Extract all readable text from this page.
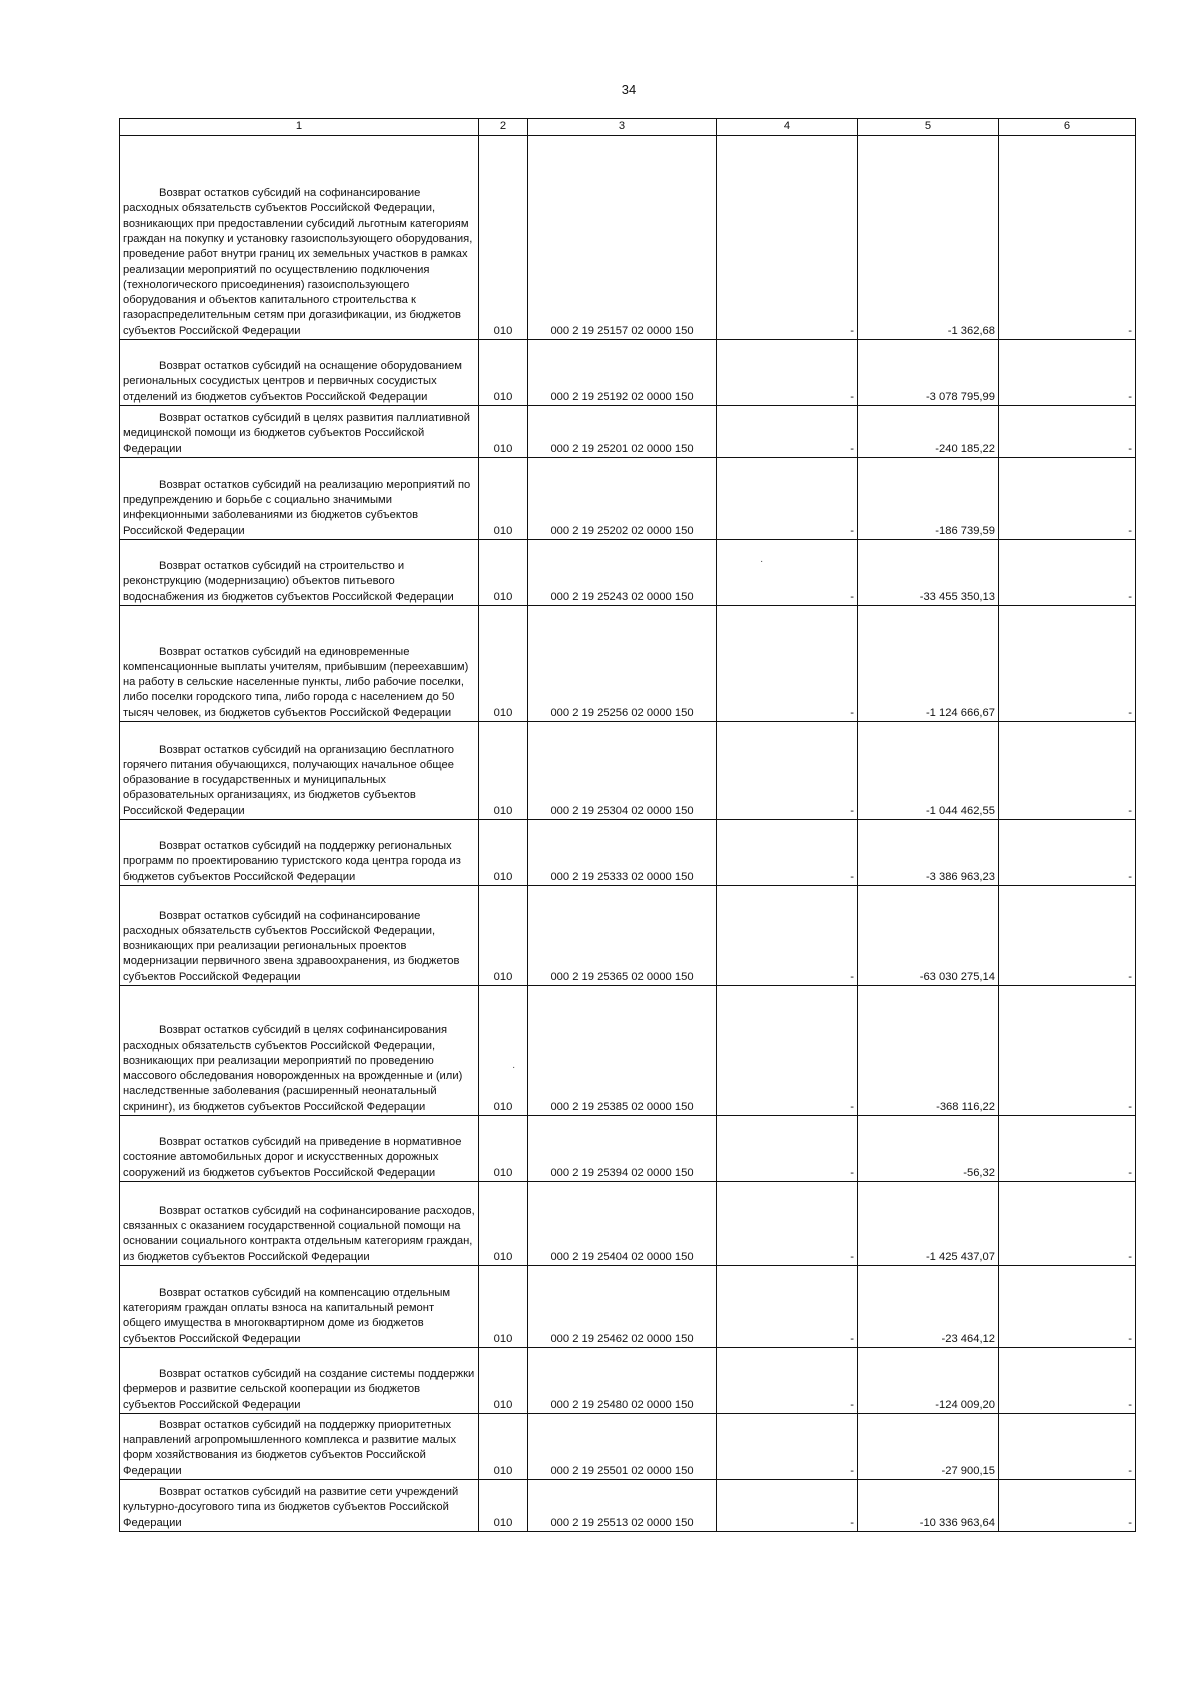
34
1	2	3	4	5	6

Возврат остатков субсидий на софинансирование расходных обязательств субъектов Российской Федерации, возникающих при предоставлении субсидий льготным категориям граждан на покупку и установку газоиспользующего оборудования, проведение работ внутри границ их земельных участков в рамках реализации мероприятий по осуществлению подключения (технологического присоединения) газоиспользующего оборудования и объектов капитального строительства к газораспределительным сетям при догазификации, из бюджетов субъектов Российской Федерации	010	000 2 19 25157 02 0000 150	-	-1 362,68	-

Возврат остатков субсидий на оснащение оборудованием региональных сосудистых центров и первичных сосудистых отделений из бюджетов субъектов Российской Федерации	010	000 2 19 25192 02 0000 150	-	-3 078 795,99	-

Возврат остатков субсидий в целях развития паллиативной медицинской помощи из бюджетов субъектов Российской Федерации	010	000 2 19 25201 02 0000 150	-	-240 185,22	-

Возврат остатков субсидий на реализацию мероприятий по предупреждению и борьбе с социально значимыми инфекционными заболеваниями из бюджетов субъектов Российской Федерации	010	000 2 19 25202 02 0000 150	-	-186 739,59	-

Возврат остатков субсидий на строительство и реконструкцию (модернизацию) объектов питьевого водоснабжения из бюджетов субъектов Российской Федерации	010	000 2 19 25243 02 0000 150	-	-33 455 350,13	-

Возврат остатков субсидий на единовременные компенсационные выплаты учителям, прибывшим (переехавшим) на работу в сельские населенные пункты, либо рабочие поселки, либо поселки городского типа, либо города с населением до 50 тысяч человек, из бюджетов субъектов Российской Федерации	010	000 2 19 25256 02 0000 150	-	-1 124 666,67	-

Возврат остатков субсидий на организацию бесплатного горячего питания обучающихся, получающих начальное общее образование в государственных и муниципальных образовательных организациях, из бюджетов субъектов Российской Федерации	010	000 2 19 25304 02 0000 150	-	-1 044 462,55	-

Возврат остатков субсидий на поддержку региональных программ по проектированию туристского кода центра города из бюджетов субъектов Российской Федерации	010	000 2 19 25333 02 0000 150	-	-3 386 963,23	-

Возврат остатков субсидий на софинансирование расходных обязательств субъектов Российской Федерации, возникающих при реализации региональных проектов модернизации первичного звена здравоохранения, из бюджетов субъектов Российской Федерации	010	000 2 19 25365 02 0000 150	-	-63 030 275,14	-

Возврат остатков субсидий в целях софинансирования расходных обязательств субъектов Российской Федерации, возникающих при реализации мероприятий по проведению массового обследования новорожденных на врожденные и (или) наследственные заболевания (расширенный неонатальный скрининг), из бюджетов субъектов Российской Федерации	010	000 2 19 25385 02 0000 150	-	-368 116,22	-

Возврат остатков субсидий на приведение в нормативное состояние автомобильных дорог и искусственных дорожных сооружений из бюджетов субъектов Российской Федерации	010	000 2 19 25394 02 0000 150	-	-56,32	-

Возврат остатков субсидий на софинансирование расходов, связанных с оказанием государственной социальной помощи на основании социального контракта отдельным категориям граждан, из бюджетов субъектов Российской Федерации	010	000 2 19 25404 02 0000 150	-	-1 425 437,07	-

Возврат остатков субсидий на компенсацию отдельным категориям граждан оплаты взноса на капитальный ремонт общего имущества в многоквартирном доме из бюджетов субъектов Российской Федерации	010	000 2 19 25462 02 0000 150	-	-23 464,12	-

Возврат остатков субсидий на создание системы поддержки фермеров и развитие сельской кооперации из бюджетов субъектов Российской Федерации	010	000 2 19 25480 02 0000 150	-	-124 009,20	-

Возврат остатков субсидий на поддержку приоритетных направлений агропромышленного комплекса и развитие малых форм хозяйствования из бюджетов субъектов Российской Федерации	010	000 2 19 25501 02 0000 150	-	-27 900,15	-

Возврат остатков субсидий на развитие сети учреждений культурно-досугового типа из бюджетов субъектов Российской Федерации	010	000 2 19 25513 02 0000 150	-	-10 336 963,64	-
·
·
